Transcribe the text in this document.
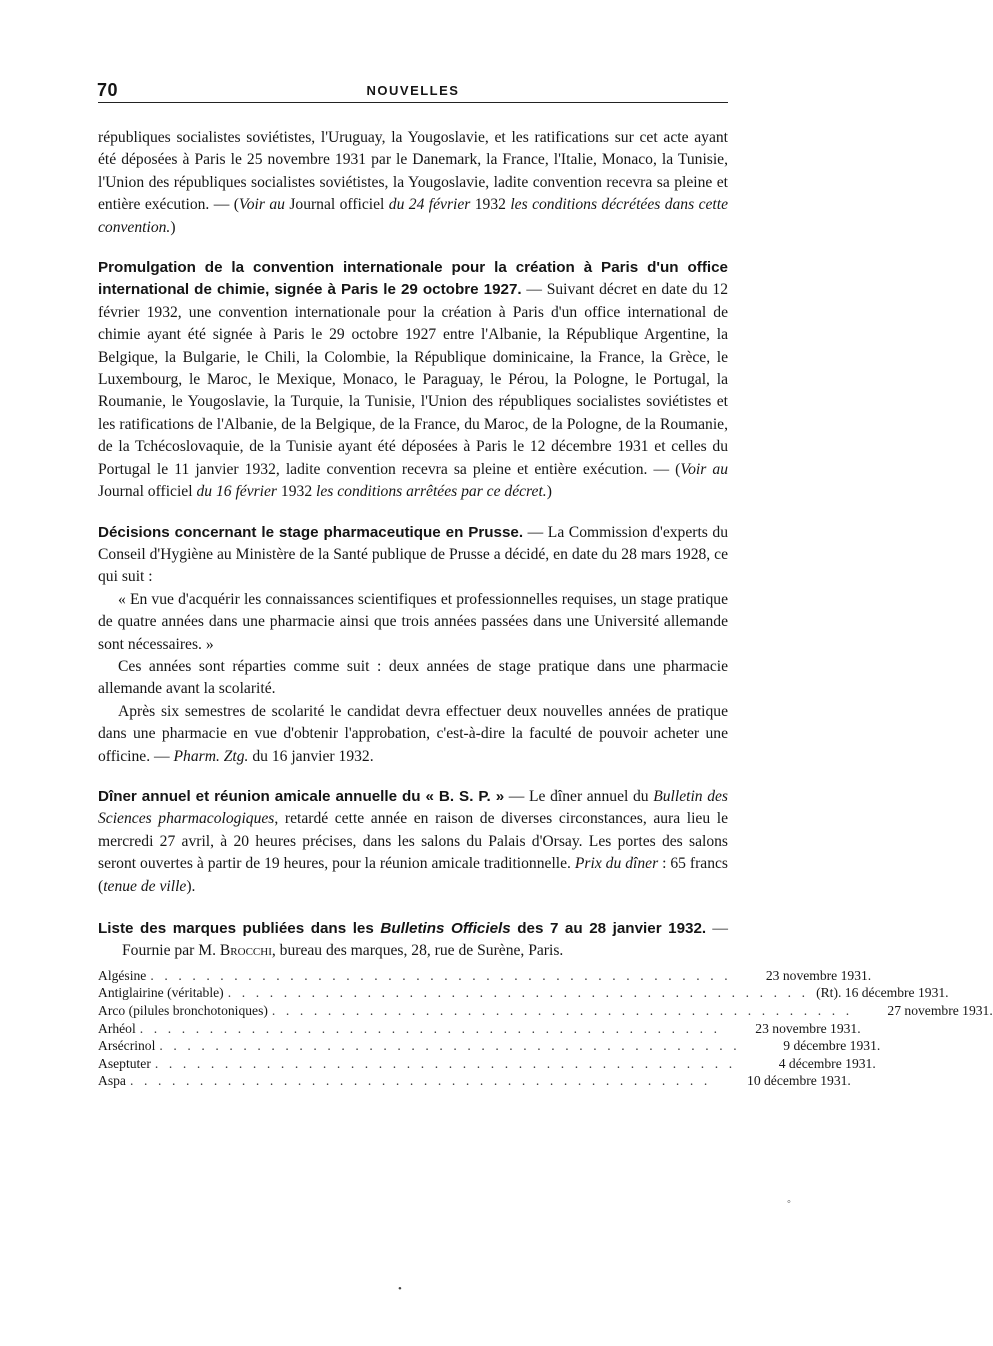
70	NOUVELLES

républiques socialistes soviétistes, l'Uruguay, la Yougoslavie, et les ratifications sur cet acte ayant été déposées à Paris le 25 novembre 1931 par le Danemark, la France, l'Italie, Monaco, la Tunisie, l'Union des républiques socialistes soviétistes, la Yougoslavie, ladite convention recevra sa pleine et entière exécution. — (Voir au Journal officiel du 24 février 1932 les conditions décrétées dans cette convention.)

Promulgation de la convention internationale pour la création à Paris d'un office international de chimie, signée à Paris le 29 octobre 1927. — Suivant décret en date du 12 février 1932, une convention internationale pour la création à Paris d'un office international de chimie ayant été signée à Paris le 29 octobre 1927 entre l'Albanie, la République Argentine, la Belgique, la Bulgarie, le Chili, la Colombie, la République dominicaine, la France, la Grèce, le Luxembourg, le Maroc, le Mexique, Monaco, le Paraguay, le Pérou, la Pologne, le Portugal, la Roumanie, le Yougoslavie, la Turquie, la Tunisie, l'Union des républiques socialistes soviétistes et les ratifications de l'Albanie, de la Belgique, de la France, du Maroc, de la Pologne, de la Roumanie, de la Tchécoslovaquie, de la Tunisie ayant été déposées à Paris le 12 décembre 1931 et celles du Portugal le 11 janvier 1932, ladite convention recevra sa pleine et entière exécution. — (Voir au Journal officiel du 16 février 1932 les conditions arrêtées par ce décret.)

Décisions concernant le stage pharmaceutique en Prusse. — La Commission d'experts du Conseil d'Hygiène au Ministère de la Santé publique de Prusse a décidé, en date du 28 mars 1928, ce qui suit :

« En vue d'acquérir les connaissances scientifiques et professionnelles requises, un stage pratique de quatre années dans une pharmacie ainsi que trois années passées dans une Université allemande sont nécessaires. »

Ces années sont réparties comme suit : deux années de stage pratique dans une pharmacie allemande avant la scolarité.

Après six semestres de scolarité le candidat devra effectuer deux nouvelles années de pratique dans une pharmacie en vue d'obtenir l'approbation, c'est-à-dire la faculté de pouvoir acheter une officine. — Pharm. Ztg. du 16 janvier 1932.

Dîner annuel et réunion amicale annuelle du « B. S. P. » — Le dîner annuel du Bulletin des Sciences pharmacologiques, retardé cette année en raison de diverses circonstances, aura lieu le mercredi 27 avril, à 20 heures précises, dans les salons du Palais d'Orsay. Les portes des salons seront ouvertes à partir de 19 heures, pour la réunion amicale traditionnelle. Prix du dîner : 65 francs (tenue de ville).

Liste des marques publiées dans les Bulletins Officiels des 7 au 28 janvier 1932. — Fournie par M. Brocchi, bureau des marques, 28, rue de Surène, Paris.

Algésine . . . . . . . . . . . . . . . . . . . . . . . . . . . . . . . . . . . . . . . . . .	23 novembre 1931.
Antiglairine (véritable) . . . . . . . . . . . . . . . . . . . . . . . . . . . . . . . . . . . . . . . . . . (Rt). 16 décembre 1931.
Arco (pilules bronchotoniques) . . . . . . . . . . . . . . . . . . . . . . . . . . . . . . . . . . . . . . . . . .	27 novembre 1931.
Arhéol . . . . . . . . . . . . . . . . . . . . . . . . . . . . . . . . . . . . . . . . . .	23 novembre 1931.
Arsécrinol . . . . . . . . . . . . . . . . . . . . . . . . . . . . . . . . . . . . . . . . . .	9 décembre 1931.
Aseptuter . . . . . . . . . . . . . . . . . . . . . . . . . . . . . . . . . . . . . . . . . .	4 décembre 1931.
Aspa . . . . . . . . . . . . . . . . . . . . . . . . . . . . . . . . . . . . . . . . . .	10 décembre 1931.
◦
•
